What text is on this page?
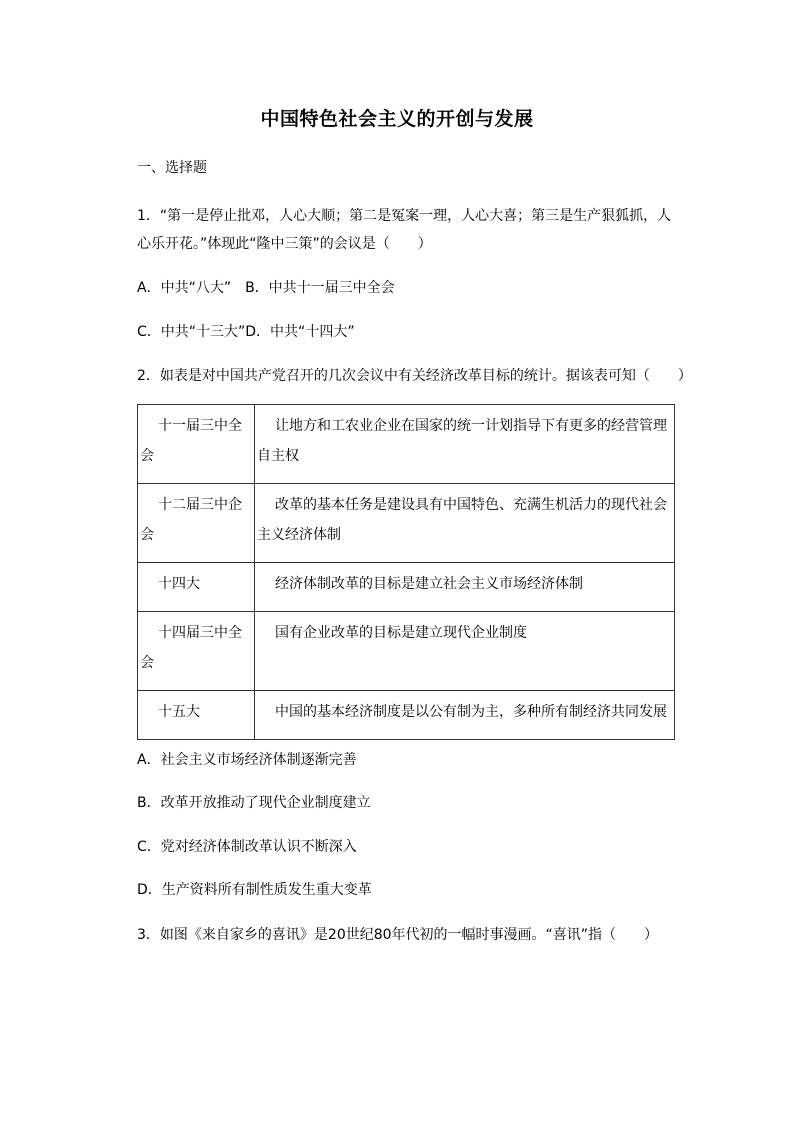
中国特色社会主义的开创与发展
一、选择题
1．“第一是停止批邓，人心大顺；第二是冤案一理，人心大喜；第三是生产狠狐抓，人心乐开花。”体现此“隆中三策”的会议是（　　）
A．中共“八大”　B．中共十一届三中全会
C．中共“十三大”D．中共“十四大”
2．如表是对中国共产党召开的几次会议中有关经济改革目标的统计。据该表可知（　　）
十一届三中全会	让地方和工农业企业在国家的统一计划指导下有更多的经营管理自主权
十二届三中企会	改革的基本任务是建设具有中国特色、充满生机活力的现代社会主义经济体制
十四大	经济体制改革的目标是建立社会主义市场经济体制
十四届三中全会	国有企业改革的目标是建立现代企业制度
十五大	中国的基本经济制度是以公有制为主，多种所有制经济共同发展
A．社会主义市场经济体制逐渐完善
B．改革开放推动了现代企业制度建立
C．党对经济体制改革认识不断深入
D．生产资料所有制性质发生重大变革
3．如图《来自家乡的喜讯》是20世纪80年代初的一幅时事漫画。“喜讯”指（　　）
